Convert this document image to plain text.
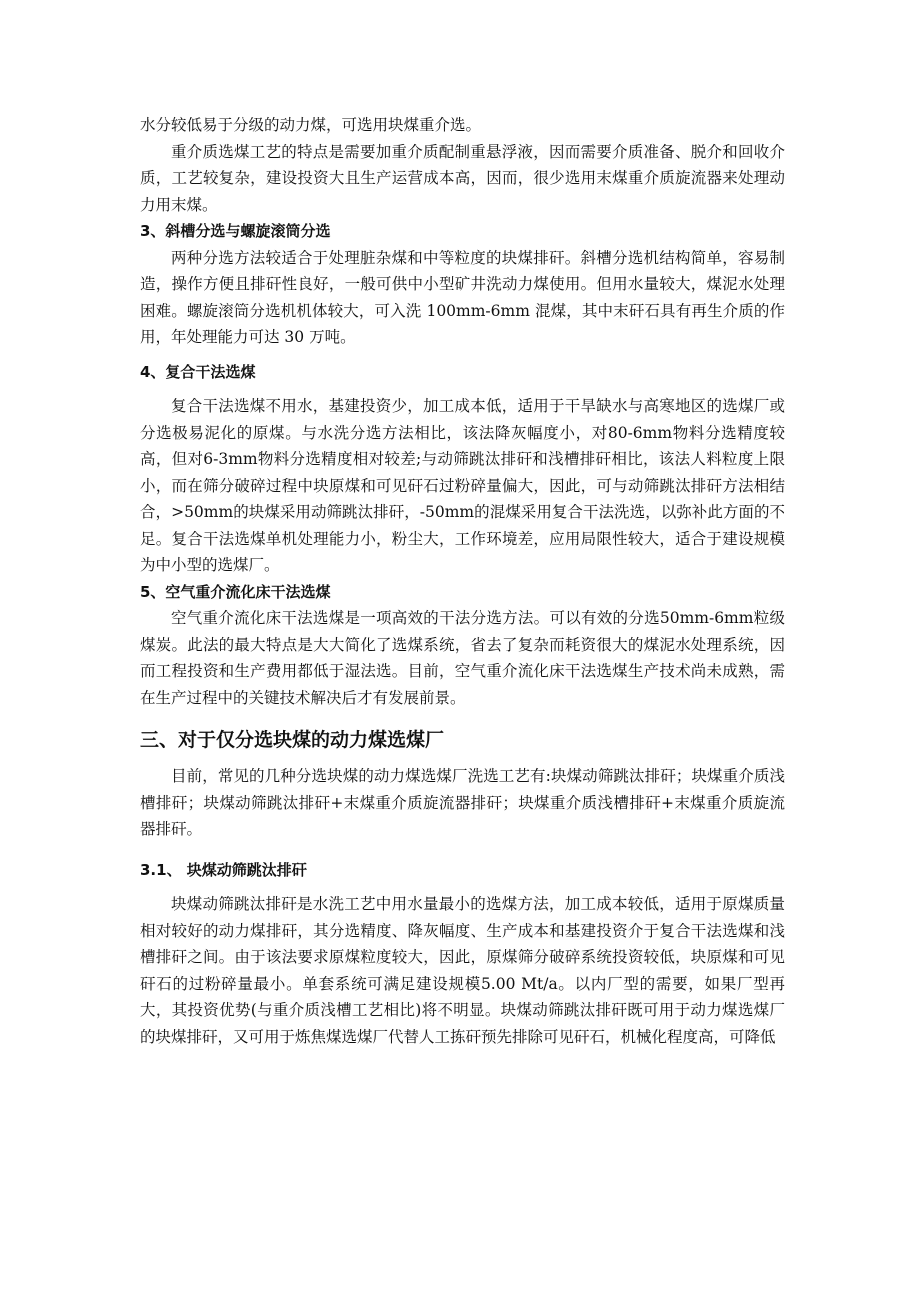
水分较低易于分级的动力煤，可选用块煤重介选。

重介质选煤工艺的特点是需要加重介质配制重悬浮液，因而需要介质准备、脱介和回收介质，工艺较复杂，建设投资大且生产运营成本高，因而，很少选用末煤重介质旋流器来处理动力用末煤。

3、斜槽分选与螺旋滚筒分选

两种分选方法较适合于处理脏杂煤和中等粒度的块煤排矸。斜槽分选机结构简单，容易制造，操作方便且排矸性良好，一般可供中小型矿井洗动力煤使用。但用水量较大，煤泥水处理困难。螺旋滚筒分选机机体较大，可入洗 100mm-6mm 混煤，其中末矸石具有再生介质的作用，年处理能力可达 30 万吨。

4、复合干法选煤

复合干法选煤不用水，基建投资少，加工成本低，适用于干旱缺水与高寒地区的选煤厂或分选极易泥化的原煤。与水洗分选方法相比，该法降灰幅度小，对80-6mm物料分选精度较高，但对6-3mm物料分选精度相对较差;与动筛跳汰排矸和浅槽排矸相比，该法人料粒度上限小，而在筛分破碎过程中块原煤和可见矸石过粉碎量偏大，因此，可与动筛跳汰排矸方法相结合，>50mm的块煤采用动筛跳汰排矸，-50mm的混煤采用复合干法洗选，以弥补此方面的不足。复合干法选煤单机处理能力小，粉尘大，工作环境差，应用局限性较大，适合于建设规模为中小型的选煤厂。

5、空气重介流化床干法选煤

空气重介流化床干法选煤是一项高效的干法分选方法。可以有效的分选50mm-6mm粒级煤炭。此法的最大特点是大大简化了选煤系统，省去了复杂而耗资很大的煤泥水处理系统，因而工程投资和生产费用都低于湿法选。目前，空气重介流化床干法选煤生产技术尚未成熟，需在生产过程中的关键技术解决后才有发展前景。

三、对于仅分选块煤的动力煤选煤厂

目前，常见的几种分选块煤的动力煤选煤厂洗选工艺有:块煤动筛跳汰排矸；块煤重介质浅槽排矸；块煤动筛跳汰排矸+末煤重介质旋流器排矸；块煤重介质浅槽排矸+末煤重介质旋流器排矸。

3.1、 块煤动筛跳汰排矸

块煤动筛跳汰排矸是水洗工艺中用水量最小的选煤方法，加工成本较低，适用于原煤质量相对较好的动力煤排矸，其分选精度、降灰幅度、生产成本和基建投资介于复合干法选煤和浅槽排矸之间。由于该法要求原煤粒度较大，因此，原煤筛分破碎系统投资较低，块原煤和可见矸石的过粉碎量最小。单套系统可满足建设规模5.00 Mt/a。以内厂型的需要，如果厂型再大，其投资优势(与重介质浅槽工艺相比)将不明显。块煤动筛跳汰排矸既可用于动力煤选煤厂的块煤排矸，又可用于炼焦煤选煤厂代替人工拣矸预先排除可见矸石，机械化程度高，可降低
